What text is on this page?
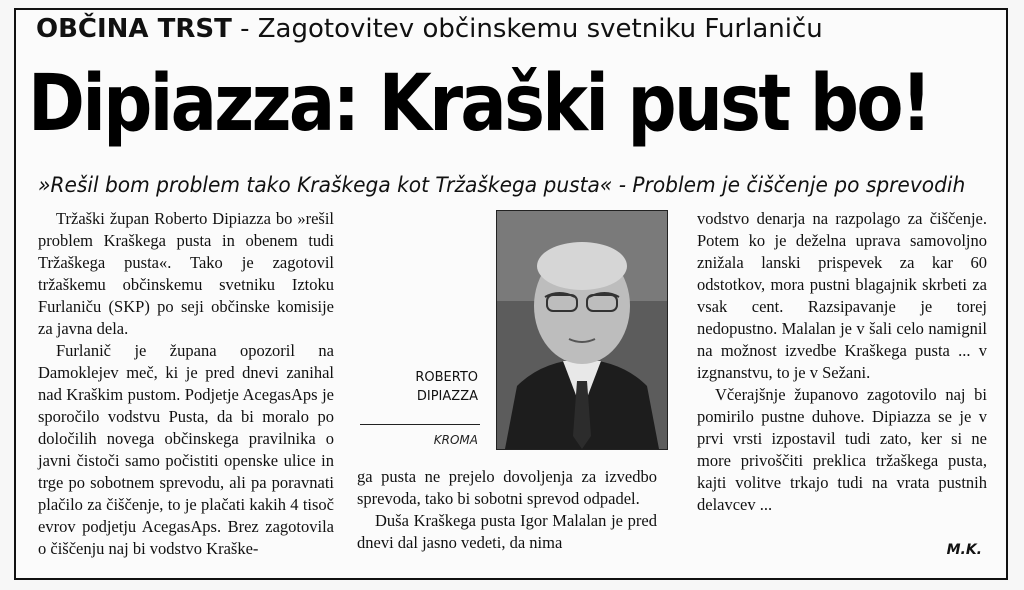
OBČINA TRST - Zagotovitev občinskemu svetniku Furlaniču
Dipiazza: Kraški pust bo!
»Rešil bom problem tako Kraškega kot Tržaškega pusta« - Problem je čiščenje po sprevodih

Tržaški župan Roberto Dipiazza bo »rešil problem Kraškega pusta in obenem tudi Tržaškega pusta«. Tako je zagotovil tržaškemu občinskemu svetniku Iztoku Furlaniču (SKP) po seji občinske komisije za javna dela.

Furlanič je župana opozoril na Damoklejev meč, ki je pred dnevi zanihal nad Kraškim pustom. Podjetje AcegasAps je sporočilo vodstvu Pusta, da bi moralo po določilih novega občinskega pravilnika o javni čistoči samo počistiti openske ulice in trge po sobotnem sprevodu, ali pa poravnati plačilo za čiščenje, to je plačati kakih 4 tisoč evrov podjetju AcegasAps. Brez zagotovila o čiščenju naj bi vodstvo Kraške-

ROBERTO
DIPIAZZA
KROMA

ga pusta ne prejelo dovoljenja za izvedbo sprevoda, tako bi sobotni sprevod odpadel.

Duša Kraškega pusta Igor Malalan je pred dnevi dal jasno vedeti, da nima

vodstvo denarja na razpolago za čiščenje. Potem ko je deželna uprava samovoljno znižala lanski prispevek za kar 60 odstotkov, mora pustni blagajnik skrbeti za vsak cent. Razsipavanje je torej nedopustno. Malalan je v šali celo namignil na možnost izvedbe Kraškega pusta ... v izgnanstvu, to je v Sežani.

Včerajšnje županovo zagotovilo naj bi pomirilo pustne duhove. Dipiazza se je v prvi vrsti izpostavil tudi zato, ker si ne more privoščiti preklica tržaškega pusta, kajti volitve trkajo tudi na vrata pustnih delavcev ...

M.K.
